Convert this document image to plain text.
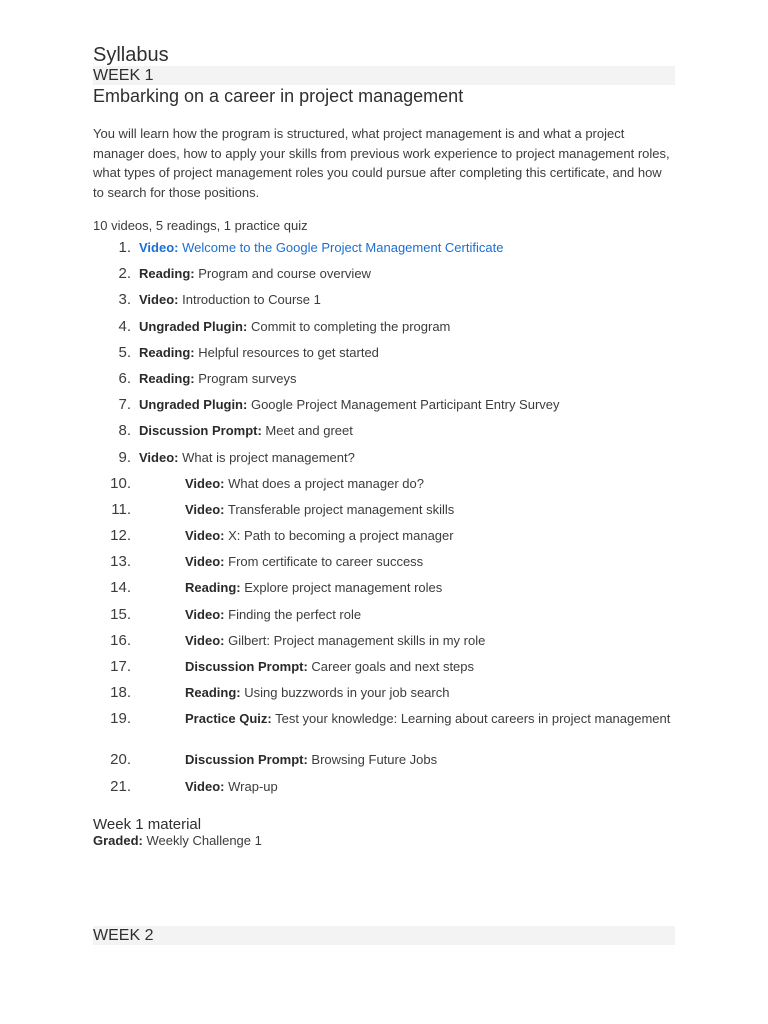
Syllabus
WEEK 1
Embarking on a career in project management

You will learn how the program is structured, what project management is and what a project manager does, how to apply your skills from previous work experience to project management roles, what types of project management roles you could pursue after completing this certificate, and how to search for those positions.

10 videos, 5 readings, 1 practice quiz

1. Video: Welcome to the Google Project Management Certificate
2. Reading: Program and course overview
3. Video: Introduction to Course 1
4. Ungraded Plugin: Commit to completing the program
5. Reading: Helpful resources to get started
6. Reading: Program surveys
7. Ungraded Plugin: Google Project Management Participant Entry Survey
8. Discussion Prompt: Meet and greet
9. Video: What is project management?
10.	Video: What does a project manager do?
11.	Video: Transferable project management skills
12.	Video: X: Path to becoming a project manager
13.	Video: From certificate to career success
14.	Reading: Explore project management roles
15.	Video: Finding the perfect role
16.	Video: Gilbert: Project management skills in my role
17.	Discussion Prompt: Career goals and next steps
18.	Reading: Using buzzwords in your job search
19.	Practice Quiz: Test your knowledge: Learning about careers in project management
20.	Discussion Prompt: Browsing Future Jobs
21.	Video: Wrap-up
Week 1 material
Graded: Weekly Challenge 1
WEEK 2
